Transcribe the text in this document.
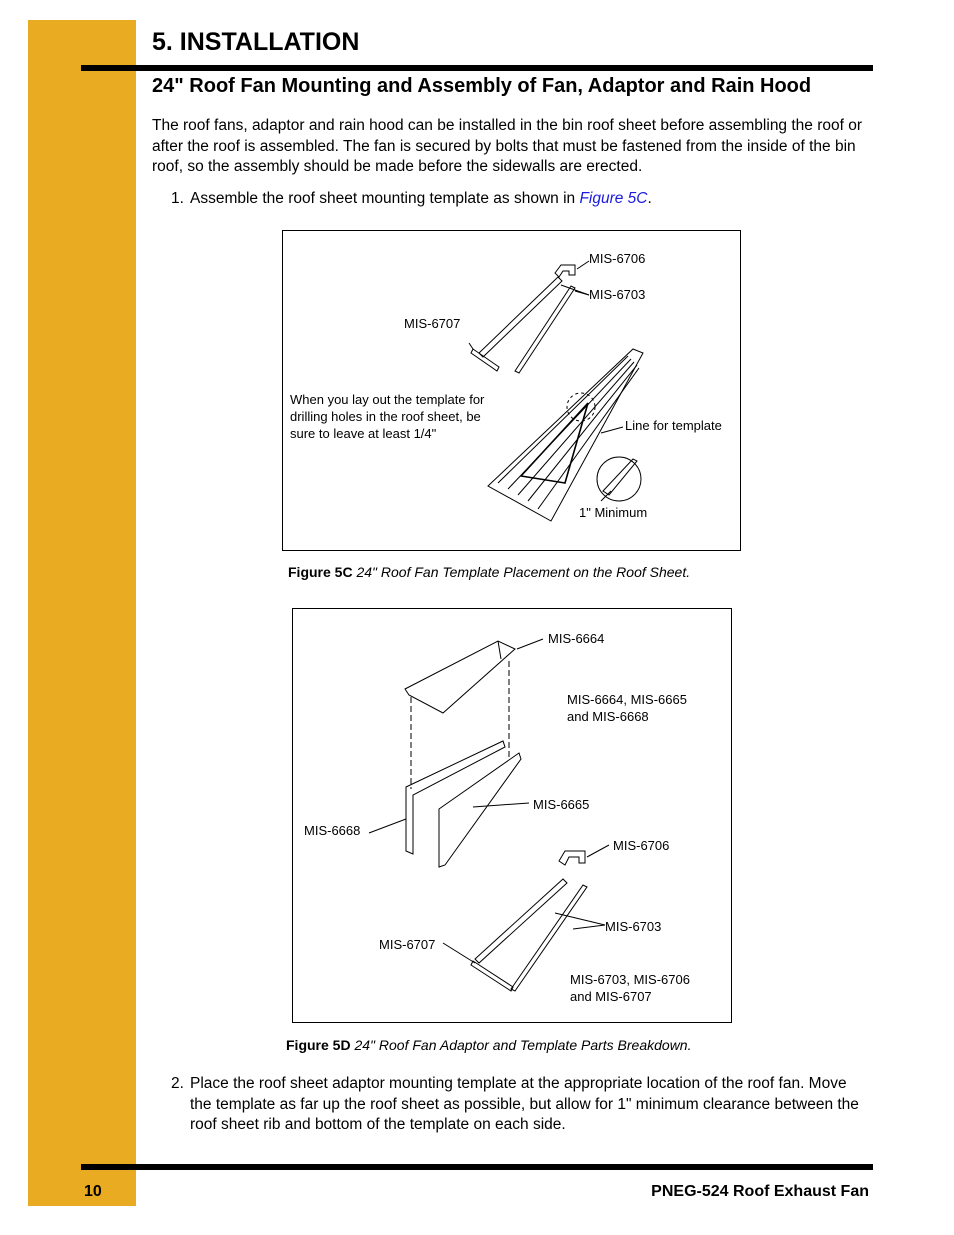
5. INSTALLATION
24" Roof Fan Mounting and Assembly of Fan, Adaptor and Rain Hood

The roof fans, adaptor and rain hood can be installed in the bin roof sheet before assembling the roof or after the roof is assembled. The fan is secured by bolts that must be fastened from the inside of the bin roof, so the assembly should be made before the sidewalls are erected.

1. Assemble the roof sheet mounting template as shown in Figure 5C.
MIS-6706
MIS-6703
MIS-6707
When you lay out the template for
drilling holes in the roof sheet, be
sure to leave at least 1/4"
Line for template
1" Minimum

Figure 5C 24" Roof Fan Template Placement on the Roof Sheet.

MIS-6664
MIS-6664, MIS-6665
and MIS-6668
MIS-6665
MIS-6668
MIS-6706
MIS-6703
MIS-6707
MIS-6703, MIS-6706
and MIS-6707

Figure 5D 24" Roof Fan Adaptor and Template Parts Breakdown.

2. Place the roof sheet adaptor mounting template at the appropriate location of the roof fan. Move the template as far up the roof sheet as possible, but allow for 1" minimum clearance between the roof sheet rib and bottom of the template on each side.
10	PNEG-524 Roof Exhaust Fan
